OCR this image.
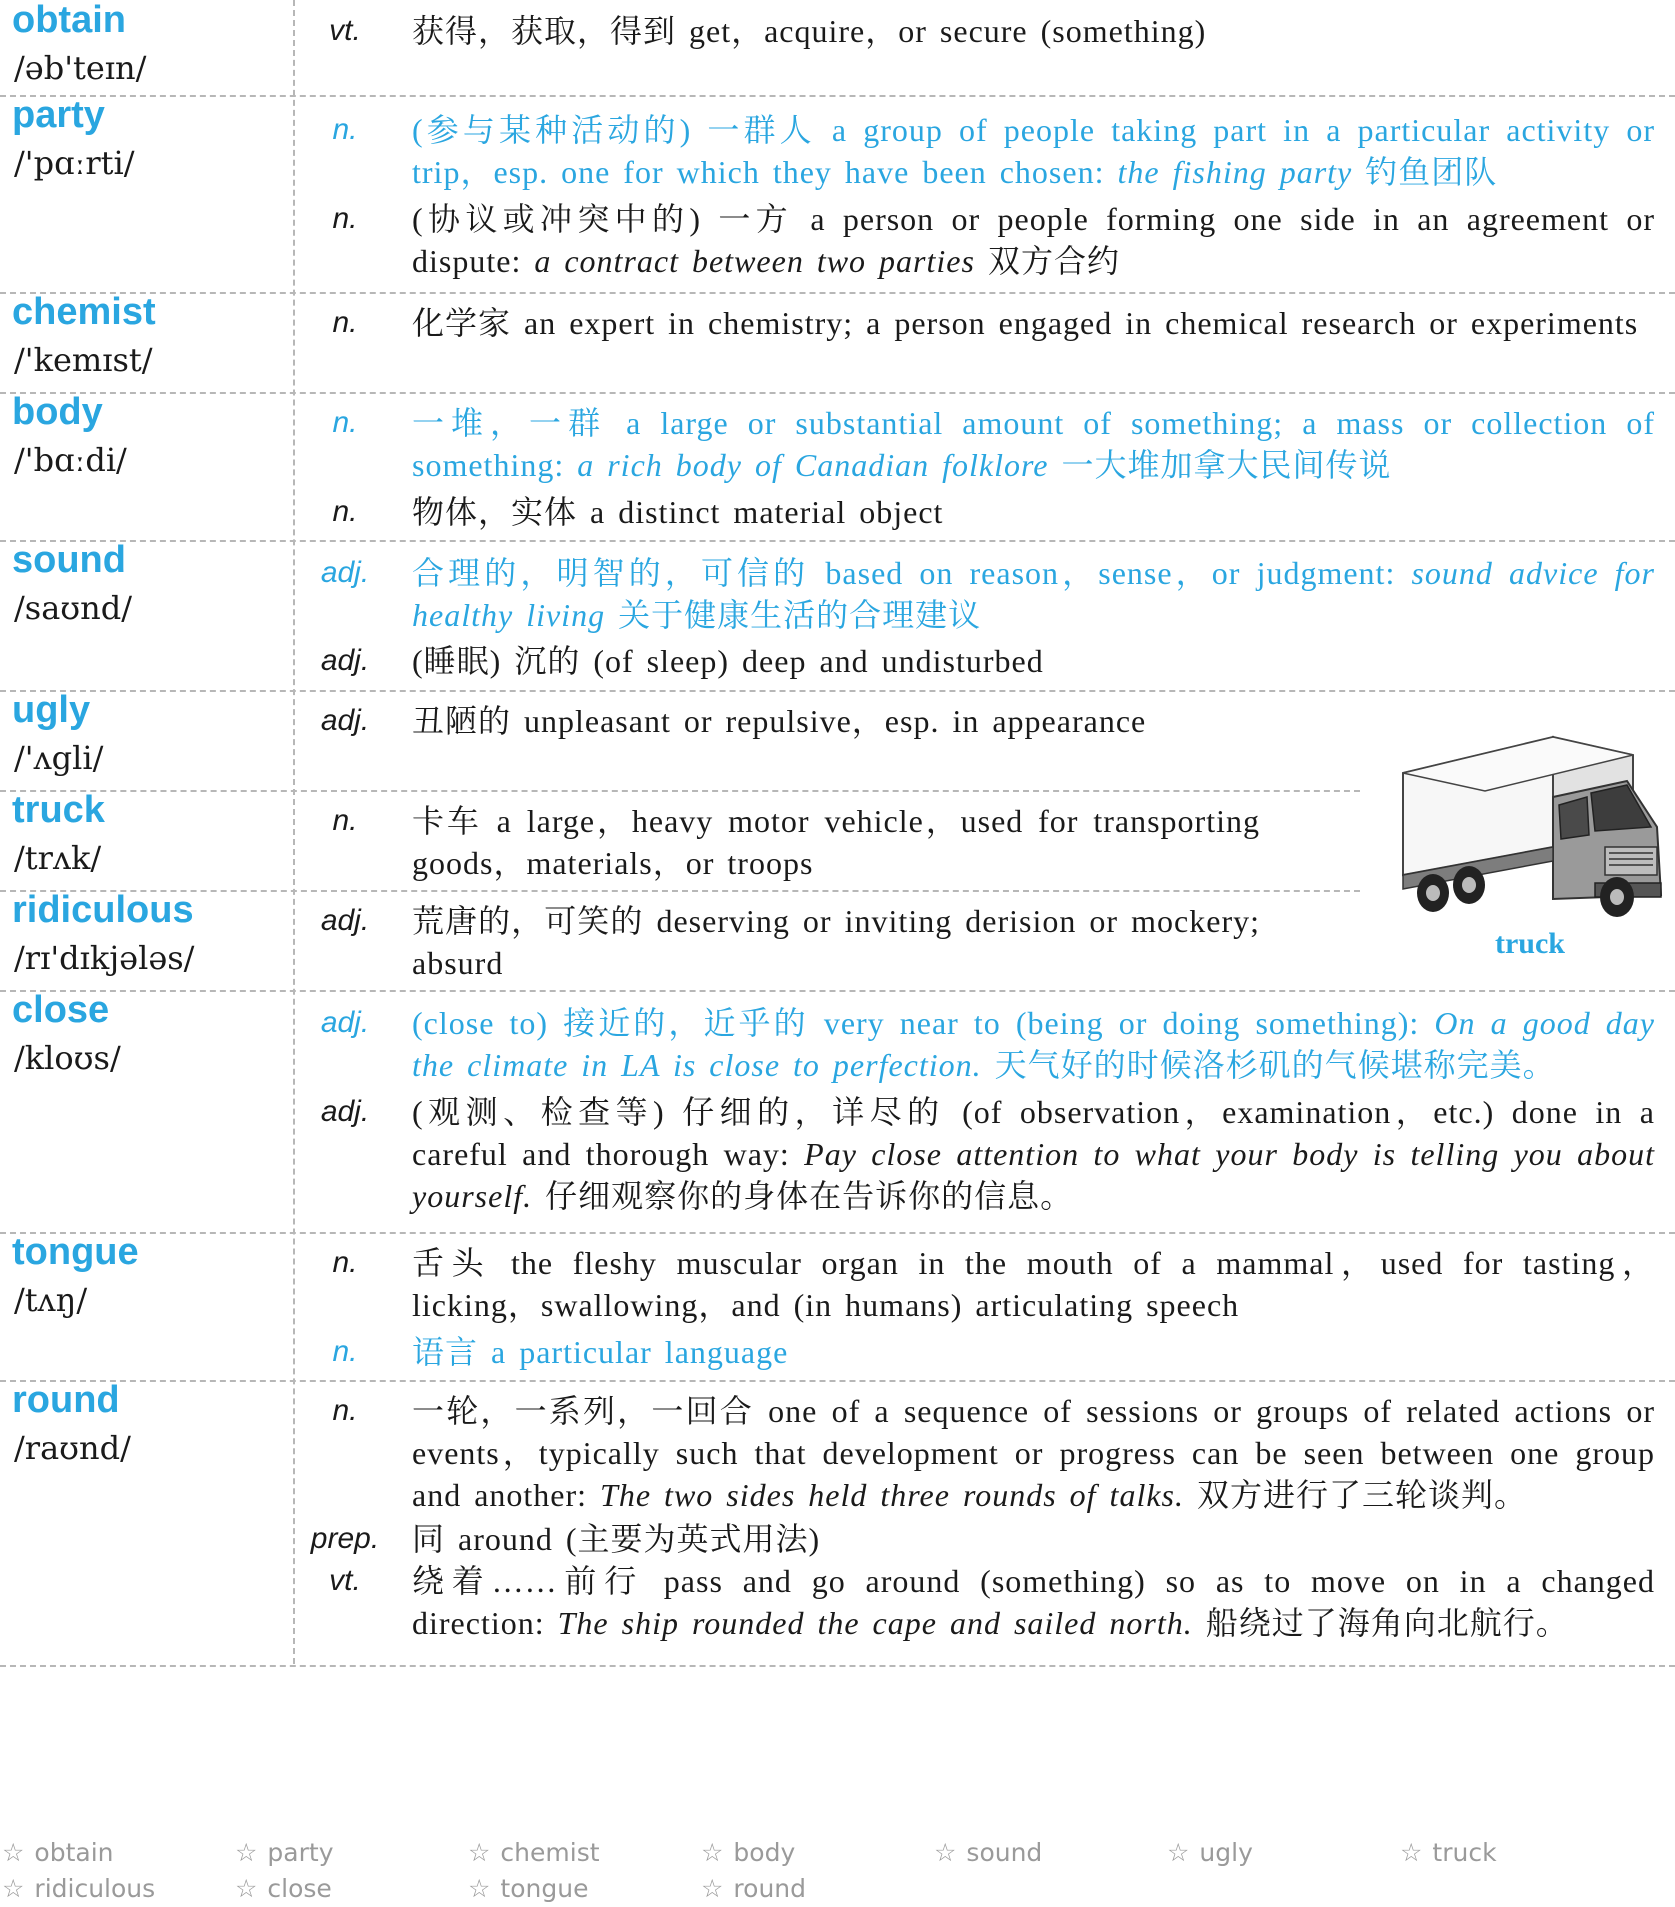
obtain
/əb'teɪn/
vt.	获得，获取，得到 get，acquire，or secure (something)
party
/'pɑːrti/
n.	(参与某种活动的) 一群人 a group of people taking part in a particular activity or trip，esp. one for which they have been chosen: the fishing party 钓鱼团队
n.	(协议或冲突中的) 一方 a person or people forming one side in an agreement or dispute: a contract between two parties 双方合约
chemist
/'kemɪst/
n.	化学家 an expert in chemistry; a person engaged in chemical research or experiments
body
/'bɑːdi/
n.	一堆，一群 a large or substantial amount of something; a mass or collection of something: a rich body of Canadian folklore 一大堆加拿大民间传说
n.	物体，实体 a distinct material object
sound
/saʊnd/
adj.	合理的，明智的，可信的 based on reason，sense，or judgment: sound advice for healthy living 关于健康生活的合理建议
adj.	(睡眠) 沉的 (of sleep) deep and undisturbed
ugly
/'ʌgli/
adj.	丑陋的 unpleasant or repulsive，esp. in appearance
truck
/trʌk/
n.	卡车 a large，heavy motor vehicle，used for transporting goods，materials，or troops
ridiculous
/rɪ'dɪkjələs/
adj.	荒唐的，可笑的 deserving or inviting derision or mockery; absurd
close
/kloʊs/
adj.	(close to) 接近的，近乎的 very near to (being or doing something): On a good day the climate in LA is close to perfection. 天气好的时候洛杉矶的气候堪称完美。
adj.	(观测、检查等) 仔细的，详尽的 (of observation，examination，etc.) done in a careful and thorough way: Pay close attention to what your body is telling you about yourself. 仔细观察你的身体在告诉你的信息。
tongue
/tʌŋ/
n.	舌头 the fleshy muscular organ in the mouth of a mammal，used for tasting，licking，swallowing，and (in humans) articulating speech
n.	语言 a particular language
round
/raʊnd/
n.	一轮，一系列，一回合 one of a sequence of sessions or groups of related actions or events，typically such that development or progress can be seen between one group and another: The two sides held three rounds of talks. 双方进行了三轮谈判。
prep.	同 around (主要为英式用法)
vt.	绕着……前行 pass and go around (something) so as to move on in a changed direction: The ship rounded the cape and sailed north. 船绕过了海角向北航行。
truck
☆ obtain	☆ party	☆ chemist	☆ body	☆ sound	☆ ugly	☆ truck
☆ ridiculous	☆ close	☆ tongue	☆ round
